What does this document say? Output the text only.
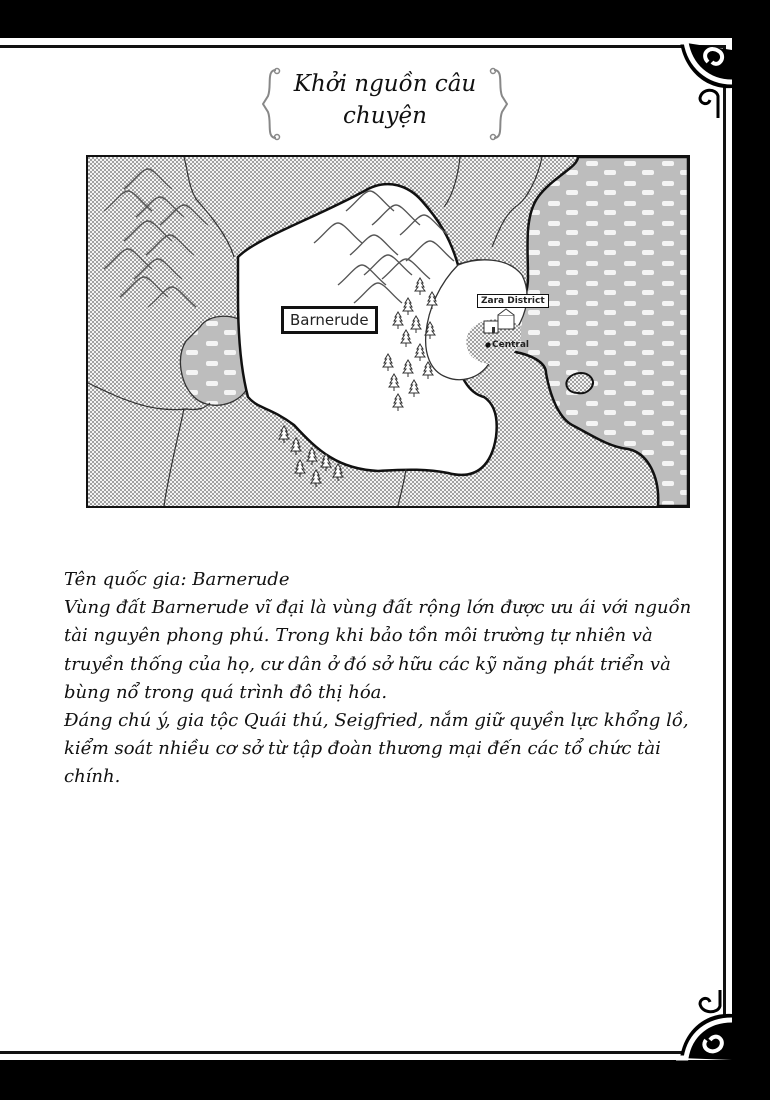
Khởi nguồn câu
chuyện
Barnerude
Zara District
Central

Tên quốc gia: Barnerude

Vùng đất Barnerude vĩ đại là vùng đất rộng lớn được ưu ái với nguồn tài nguyên phong phú. Trong khi bảo tồn môi trường tự nhiên và truyền thống của họ, cư dân ở đó sở hữu các kỹ năng phát triển và bùng nổ trong quá trình đô thị hóa.

Đáng chú ý, gia tộc Quái thú, Seigfried, nắm giữ quyền lực khổng lồ, kiểm soát nhiều cơ sở từ tập đoàn thương mại đến các tổ chức tài chính.
